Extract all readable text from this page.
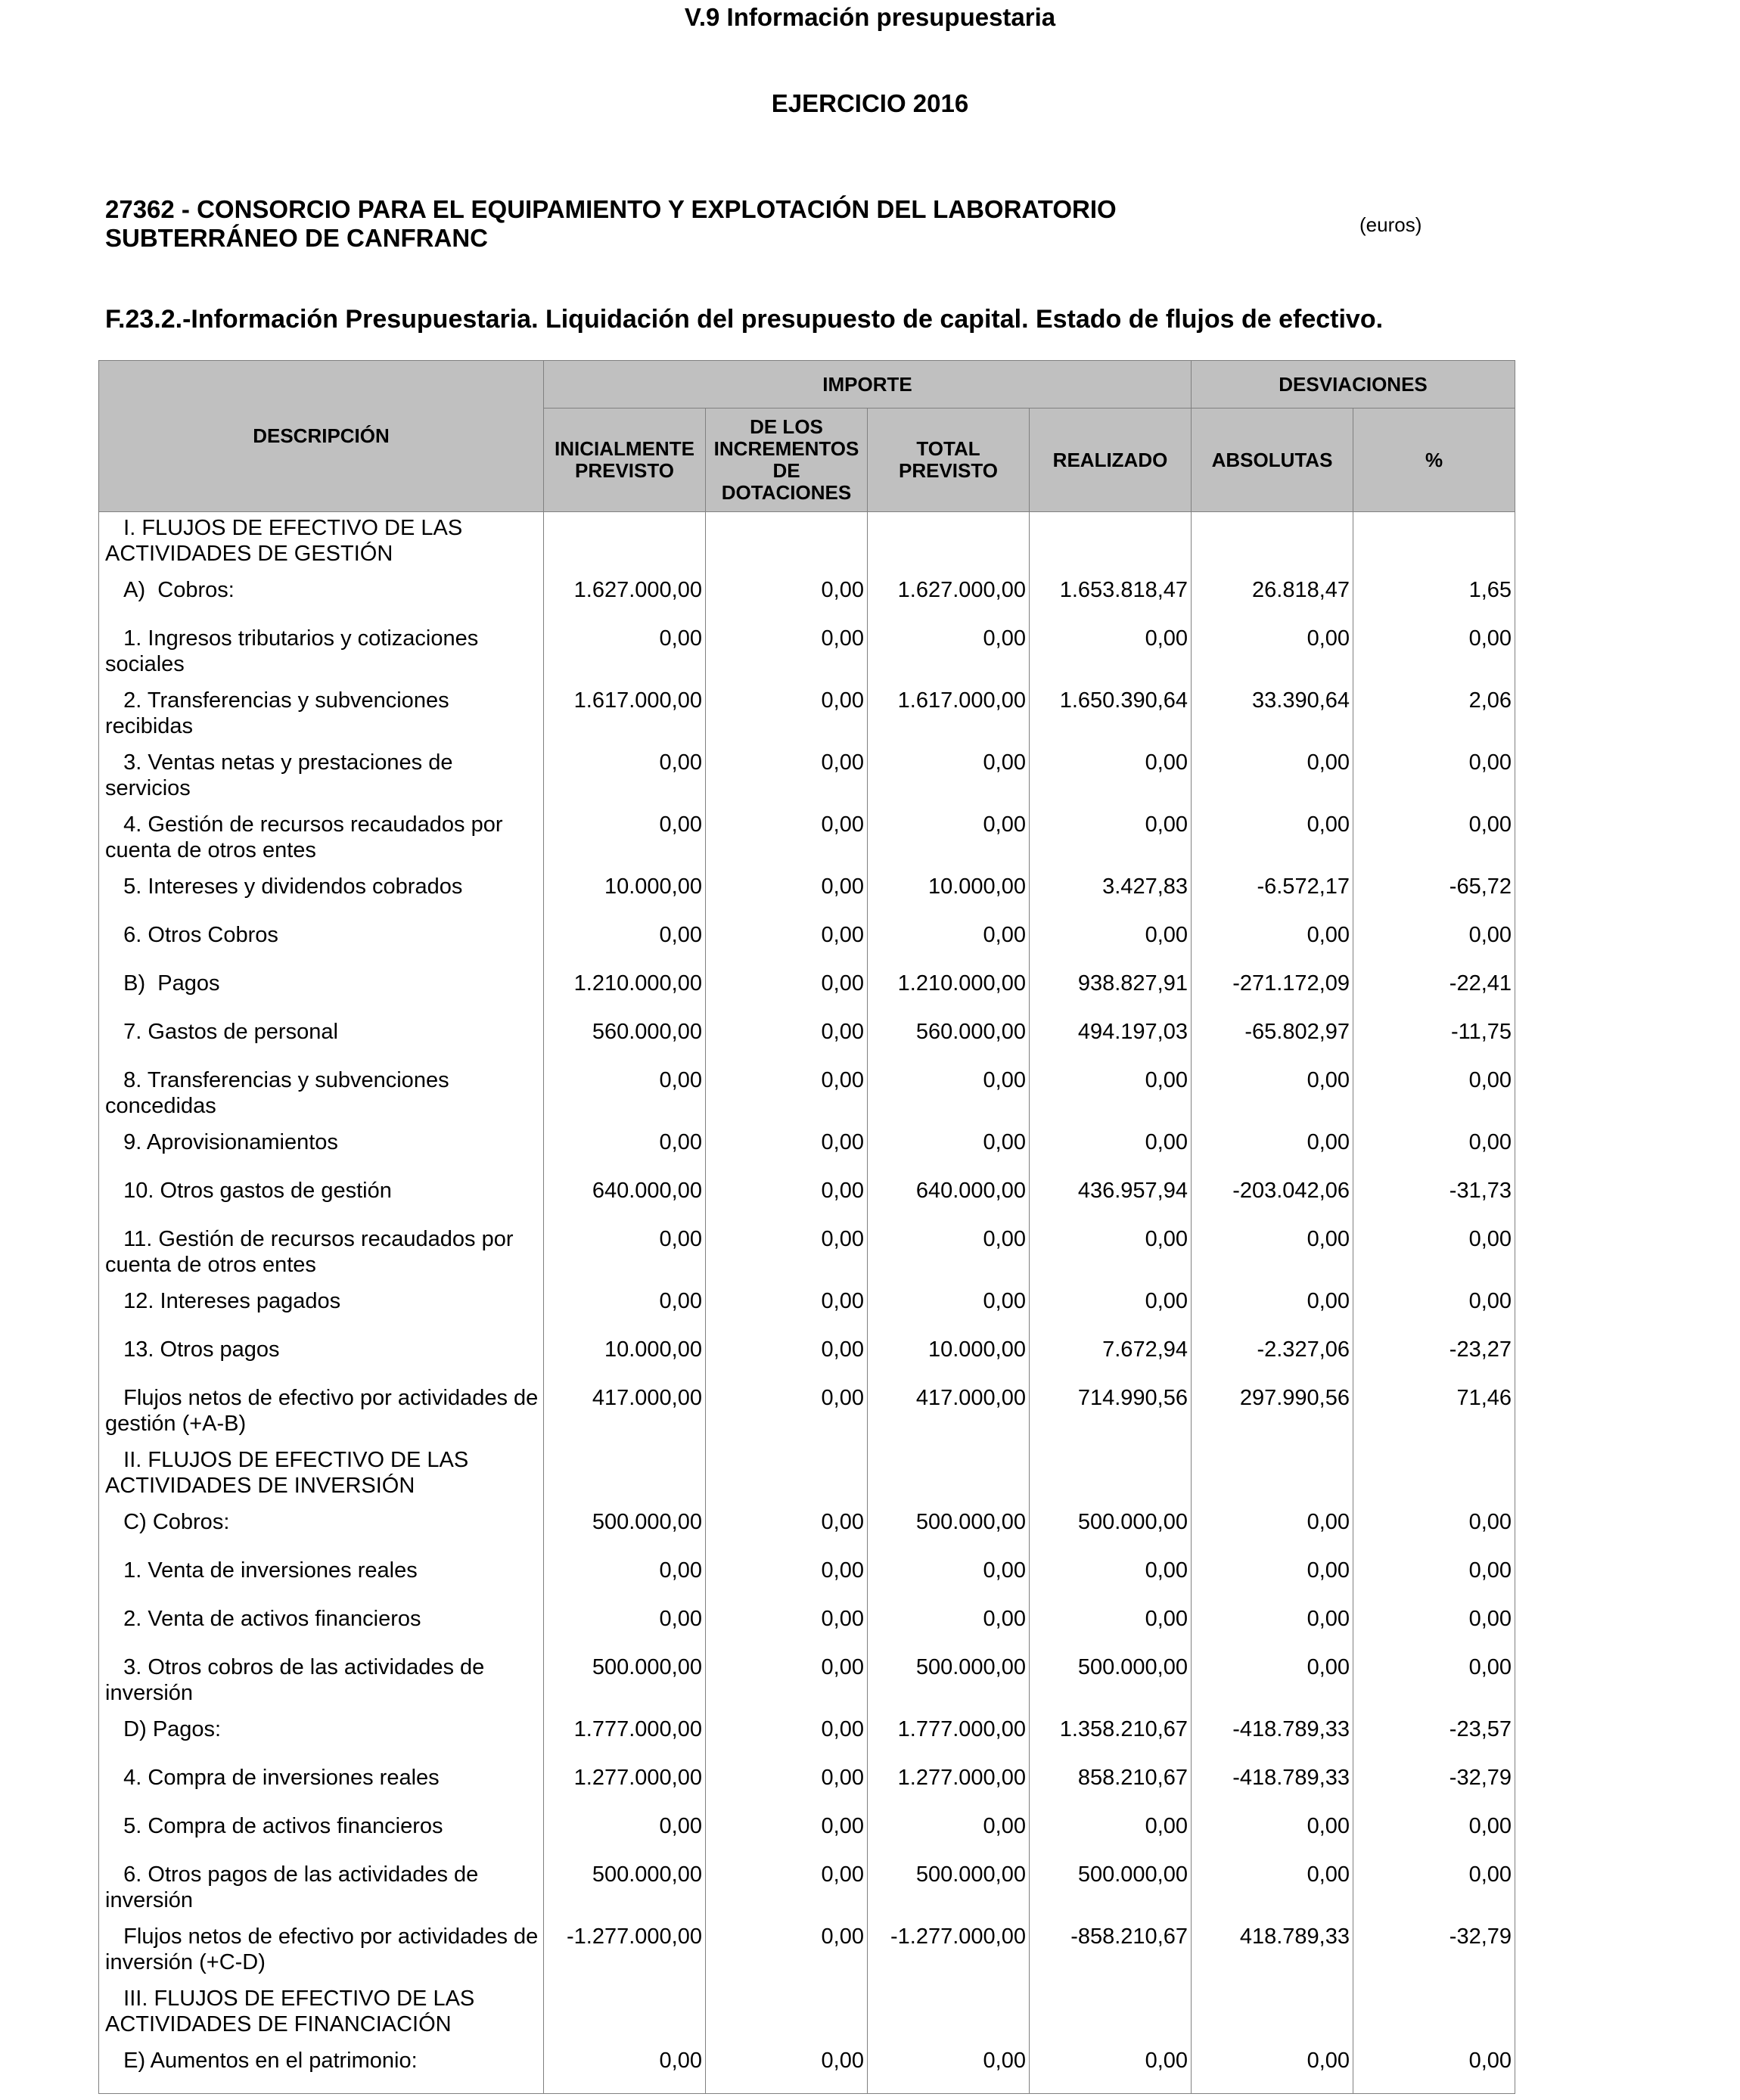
V.9 Información presupuestaria
EJERCICIO 2016
27362 - CONSORCIO PARA EL EQUIPAMIENTO Y EXPLOTACIÓN DEL LABORATORIO SUBTERRÁNEO DE CANFRANC	(euros)
F.23.2.-Información Presupuestaria. Liquidación del presupuesto de capital. Estado de flujos de efectivo.
DESCRIPCIÓN	IMPORTE				DESVIACIONES	
	INICIALMENTE PREVISTO	DE LOS INCREMENTOS DE DOTACIONES	TOTAL PREVISTO	REALIZADO	ABSOLUTAS	%
I. FLUJOS DE EFECTIVO DE LAS ACTIVIDADES DE GESTIÓN						
A)  Cobros:	1.627.000,00	0,00	1.627.000,00	1.653.818,47	26.818,47	1,65
1. Ingresos tributarios y cotizaciones sociales	0,00	0,00	0,00	0,00	0,00	0,00
2. Transferencias y subvenciones recibidas	1.617.000,00	0,00	1.617.000,00	1.650.390,64	33.390,64	2,06
3. Ventas netas y prestaciones de servicios	0,00	0,00	0,00	0,00	0,00	0,00
4. Gestión de recursos recaudados por cuenta de otros entes	0,00	0,00	0,00	0,00	0,00	0,00
5. Intereses y dividendos cobrados	10.000,00	0,00	10.000,00	3.427,83	-6.572,17	-65,72
6. Otros Cobros	0,00	0,00	0,00	0,00	0,00	0,00
B)  Pagos	1.210.000,00	0,00	1.210.000,00	938.827,91	-271.172,09	-22,41
7. Gastos de personal	560.000,00	0,00	560.000,00	494.197,03	-65.802,97	-11,75
8. Transferencias y subvenciones concedidas	0,00	0,00	0,00	0,00	0,00	0,00
9. Aprovisionamientos	0,00	0,00	0,00	0,00	0,00	0,00
10. Otros gastos de gestión	640.000,00	0,00	640.000,00	436.957,94	-203.042,06	-31,73
11. Gestión de recursos recaudados por cuenta de otros entes	0,00	0,00	0,00	0,00	0,00	0,00
12. Intereses pagados	0,00	0,00	0,00	0,00	0,00	0,00
13. Otros pagos	10.000,00	0,00	10.000,00	7.672,94	-2.327,06	-23,27
Flujos netos de efectivo por actividades de gestión (+A-B)	417.000,00	0,00	417.000,00	714.990,56	297.990,56	71,46
II. FLUJOS DE EFECTIVO DE LAS ACTIVIDADES DE INVERSIÓN						
C) Cobros:	500.000,00	0,00	500.000,00	500.000,00	0,00	0,00
1. Venta de inversiones reales	0,00	0,00	0,00	0,00	0,00	0,00
2. Venta de activos financieros	0,00	0,00	0,00	0,00	0,00	0,00
3. Otros cobros de las actividades de inversión	500.000,00	0,00	500.000,00	500.000,00	0,00	0,00
D) Pagos:	1.777.000,00	0,00	1.777.000,00	1.358.210,67	-418.789,33	-23,57
4. Compra de inversiones reales	1.277.000,00	0,00	1.277.000,00	858.210,67	-418.789,33	-32,79
5. Compra de activos financieros	0,00	0,00	0,00	0,00	0,00	0,00
6. Otros pagos de las actividades de inversión	500.000,00	0,00	500.000,00	500.000,00	0,00	0,00
Flujos netos de efectivo por actividades de inversión (+C-D)	-1.277.000,00	0,00	-1.277.000,00	-858.210,67	418.789,33	-32,79
III. FLUJOS DE EFECTIVO DE LAS ACTIVIDADES DE FINANCIACIÓN						
E) Aumentos en el patrimonio:	0,00	0,00	0,00	0,00	0,00	0,00
